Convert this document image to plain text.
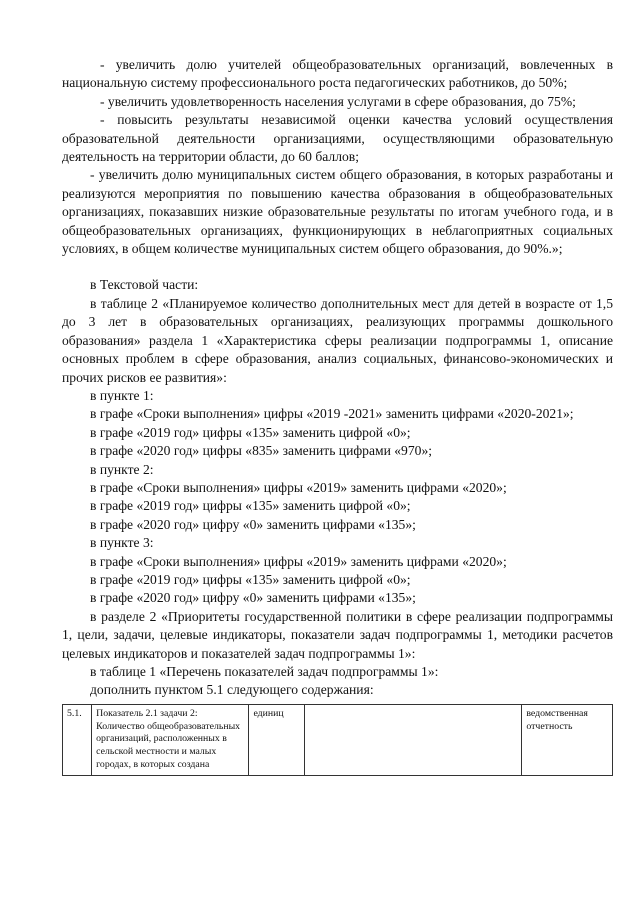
- увеличить долю учителей общеобразовательных организаций, вовлеченных в национальную систему профессионального роста педагогических работников, до 50%;

- увеличить удовлетворенность населения услугами в сфере образования, до 75%;

- повысить результаты независимой оценки качества условий осуществления образовательной деятельности организациями, осуществляющими образовательную деятельность на территории области, до 60 баллов;

- увеличить долю муниципальных систем общего образования, в которых разработаны и реализуются мероприятия по повышению качества образования в общеобразовательных организациях, показавших низкие образовательные результаты по итогам учебного года, и в общеобразовательных организациях, функционирующих в неблагоприятных социальных условиях, в общем количестве муниципальных систем общего образования, до 90%.»;

в Текстовой части:

в таблице 2 «Планируемое количество дополнительных мест для детей в возрасте от 1,5 до 3 лет в образовательных организациях, реализующих программы дошкольного образования» раздела 1 «Характеристика сферы реализации подпрограммы 1, описание основных проблем в сфере образования, анализ социальных, финансово-экономических и прочих рисков ее развития»:

в пункте 1:

в графе «Сроки выполнения» цифры «2019 -2021» заменить цифрами «2020-2021»;

в графе «2019 год» цифры «135» заменить цифрой «0»;

в графе «2020 год» цифры «835» заменить цифрами «970»;

в пункте 2:

в графе «Сроки выполнения» цифры «2019» заменить цифрами «2020»;

в графе «2019 год» цифры «135» заменить цифрой «0»;

в графе «2020 год» цифру «0» заменить цифрами «135»;

в пункте 3:

в графе «Сроки выполнения» цифры «2019» заменить цифрами «2020»;

в графе «2019 год» цифры «135» заменить цифрой «0»;

в графе «2020 год» цифру «0» заменить цифрами «135»;

в разделе 2 «Приоритеты государственной политики в сфере реализации подпрограммы 1, цели, задачи, целевые индикаторы, показатели задач подпрограммы 1, методики расчетов целевых индикаторов и показателей задач подпрограммы 1»:

в таблице 1 «Перечень показателей задач подпрограммы 1»:

дополнить пунктом 5.1 следующего содержания:

5.1.	Показатель 2.1 задачи 2: Количество общеобразовательных организаций, расположенных в сельской местности и малых городах, в которых создана	единиц		ведомственная отчетность
